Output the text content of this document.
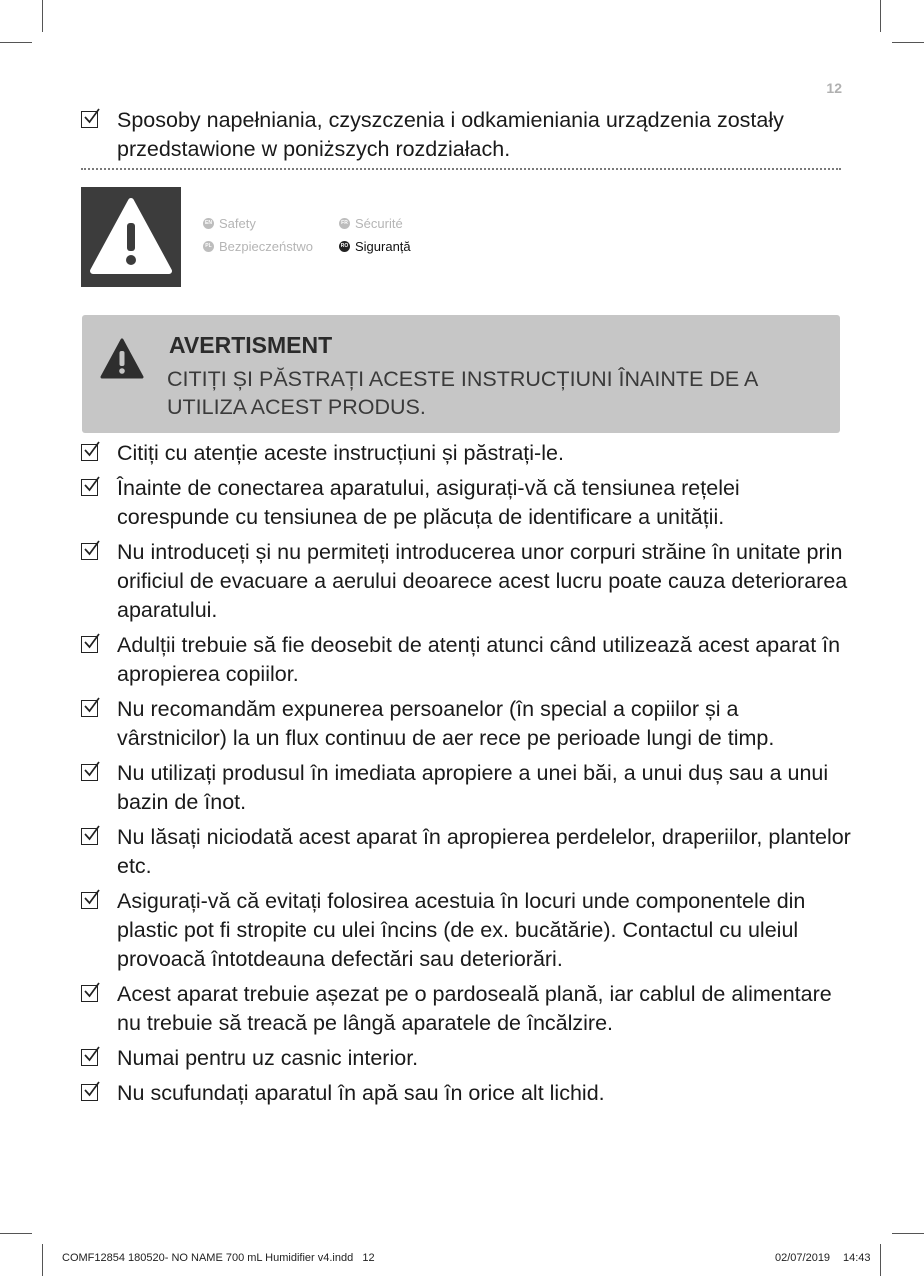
12
Sposoby napełniania, czyszczenia i odkamieniania urządzenia zostały przedstawione w poniższych rozdziałach.
EN Safety	FR Sécurité
PL Bezpieczeństwo	RO Siguranță
AVERTISMENT
CITIȚI ȘI PĂSTRAȚI ACESTE INSTRUCȚIUNI ÎNAINTE DE A UTILIZA ACEST PRODUS.
Citiți cu atenție aceste instrucțiuni și păstrați-le.
Înainte de conectarea aparatului, asigurați-vă că tensiunea rețelei corespunde cu tensiunea de pe plăcuța de identificare a unității.
Nu introduceți și nu permiteți introducerea unor corpuri străine în unitate prin orificiul de evacuare a aerului deoarece acest lucru poate cauza deteriorarea aparatului.
Adulții trebuie să fie deosebit de atenți atunci când utilizează acest aparat în apropierea copiilor.
Nu recomandăm expunerea persoanelor (în special a copiilor și a vârstnicilor) la un flux continuu de aer rece pe perioade lungi de timp.
Nu utilizați produsul în imediata apropiere a unei băi, a unui duș sau a unui bazin de înot.
Nu lăsați niciodată acest aparat în apropierea perdelelor, draperiilor, plantelor etc.
Asigurați-vă că evitați folosirea acestuia în locuri unde componentele din plastic pot fi stropite cu ulei încins (de ex. bucătărie). Contactul cu uleiul provoacă întotdeauna defectări sau deteriorări.
Acest aparat trebuie așezat pe o pardoseală plană, iar cablul de alimentare nu trebuie să treacă pe lângă aparatele de încălzire.
Numai pentru uz casnic interior.
Nu scufundați aparatul în apă sau în orice alt lichid.
COMF12854 180520- NO NAME 700 mL Humidifier v4.indd   12	02/07/2019 14:43
